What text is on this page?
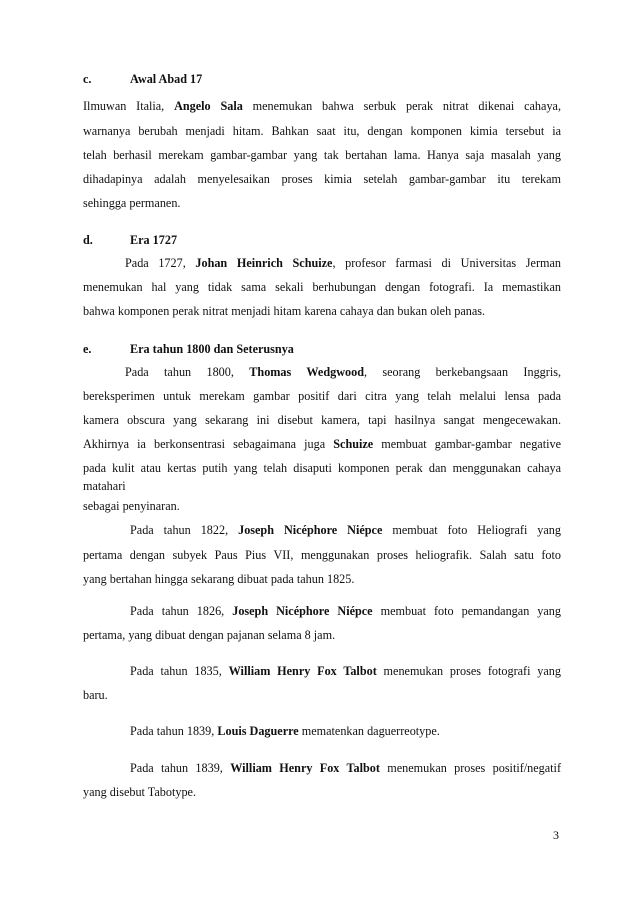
c.	Awal Abad 17
Ilmuwan Italia, Angelo Sala menemukan bahwa serbuk perak nitrat dikenai cahaya,
warnanya berubah menjadi hitam. Bahkan saat itu, dengan komponen kimia tersebut ia
telah berhasil merekam gambar-gambar yang tak bertahan lama. Hanya saja masalah yang
dihadapinya adalah menyelesaikan proses kimia setelah gambar-gambar itu terekam
sehingga permanen.
d.	Era 1727
Pada 1727, Johan Heinrich Schuize, profesor farmasi di Universitas Jerman
menemukan hal yang tidak sama sekali berhubungan dengan fotografi. Ia memastikan
bahwa komponen perak nitrat menjadi hitam karena cahaya dan bukan oleh panas.
e.	Era tahun 1800 dan Seterusnya
Pada tahun 1800, Thomas Wedgwood, seorang berkebangsaan Inggris,
bereksperimen untuk merekam gambar positif dari citra yang telah melalui lensa pada
kamera obscura yang sekarang ini disebut kamera, tapi hasilnya sangat mengecewakan.
Akhirnya ia berkonsentrasi sebagaimana juga Schuize membuat gambar-gambar negative
pada kulit atau kertas putih yang telah disaputi komponen perak dan menggunakan cahaya
matahari
sebagai penyinaran.
Pada tahun 1822, Joseph Nicéphore Niépce membuat foto Heliografi yang
pertama dengan subyek Paus Pius VII, menggunakan proses heliografik. Salah satu foto
yang bertahan hingga sekarang dibuat pada tahun 1825.
Pada tahun 1826, Joseph Nicéphore Niépce membuat foto pemandangan yang
pertama, yang dibuat dengan pajanan selama 8 jam.
Pada tahun 1835, William Henry Fox Talbot menemukan proses fotografi yang
baru.
Pada tahun 1839, Louis Daguerre mematenkan daguerreotype.
Pada tahun 1839, William Henry Fox Talbot menemukan proses positif/negatif
yang disebut Tabotype.
3
